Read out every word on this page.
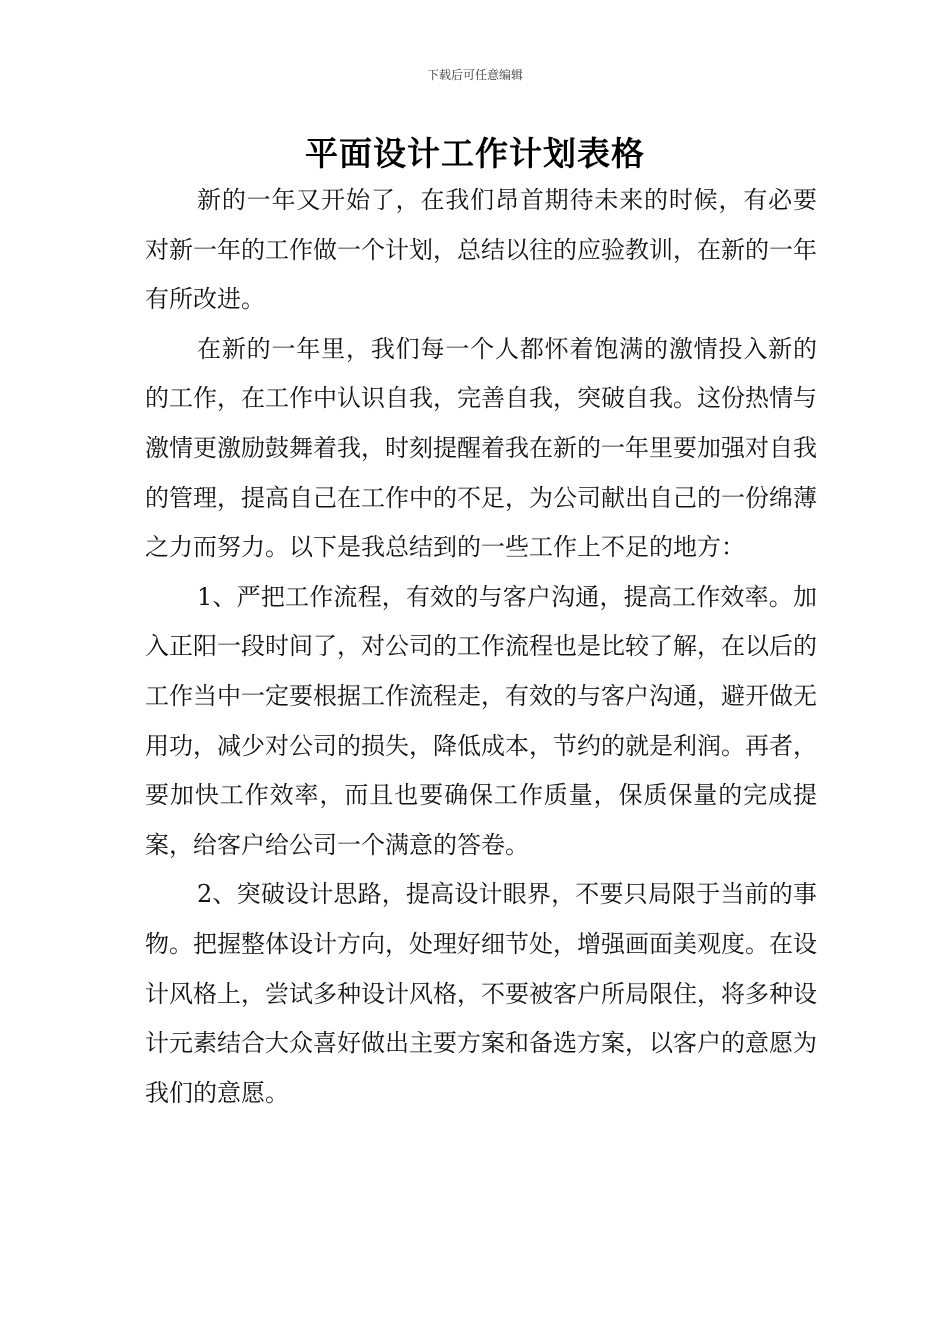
下载后可任意编辑
平面设计工作计划表格

新的一年又开始了，在我们昂首期待未来的时候，有必要对新一年的工作做一个计划，总结以往的应验教训，在新的一年有所改进。

在新的一年里，我们每一个人都怀着饱满的激情投入新的的工作，在工作中认识自我，完善自我，突破自我。这份热情与激情更激励鼓舞着我，时刻提醒着我在新的一年里要加强对自我的管理，提高自己在工作中的不足，为公司献出自己的一份绵薄之力而努力。以下是我总结到的一些工作上不足的地方：

1、严把工作流程，有效的与客户沟通，提高工作效率。加入正阳一段时间了，对公司的工作流程也是比较了解，在以后的工作当中一定要根据工作流程走，有效的与客户沟通，避开做无用功，减少对公司的损失，降低成本，节约的就是利润。再者，要加快工作效率，而且也要确保工作质量，保质保量的完成提案，给客户给公司一个满意的答卷。

2、突破设计思路，提高设计眼界，不要只局限于当前的事物。把握整体设计方向，处理好细节处，增强画面美观度。在设计风格上，尝试多种设计风格，不要被客户所局限住，将多种设计元素结合大众喜好做出主要方案和备选方案，以客户的意愿为我们的意愿。
